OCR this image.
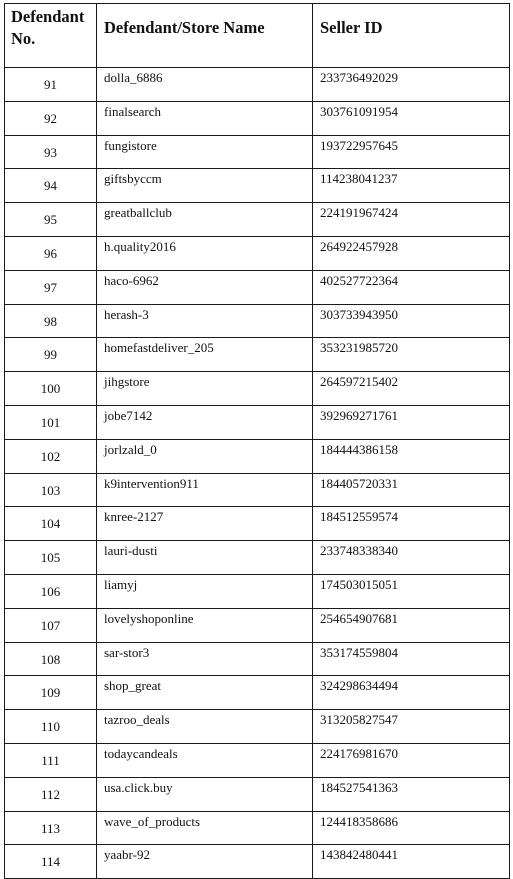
Defendant No.	Defendant/Store Name	Seller ID
91	dolla_6886	233736492029
92	finalsearch	303761091954
93	fungistore	193722957645
94	giftsbyccm	114238041237
95	greatballclub	224191967424
96	h.quality2016	264922457928
97	haco-6962	402527722364
98	herash-3	303733943950
99	homefastdeliver_205	353231985720
100	jihgstore	264597215402
101	jobe7142	392969271761
102	jorlzald_0	184444386158
103	k9intervention911	184405720331
104	knree-2127	184512559574
105	lauri-dusti	233748338340
106	liamyj	174503015051
107	lovelyshoponline	254654907681
108	sar-stor3	353174559804
109	shop_great	324298634494
110	tazroo_deals	313205827547
111	todaycandeals	224176981670
112	usa.click.buy	184527541363
113	wave_of_products	124418358686
114	yaabr-92	143842480441
